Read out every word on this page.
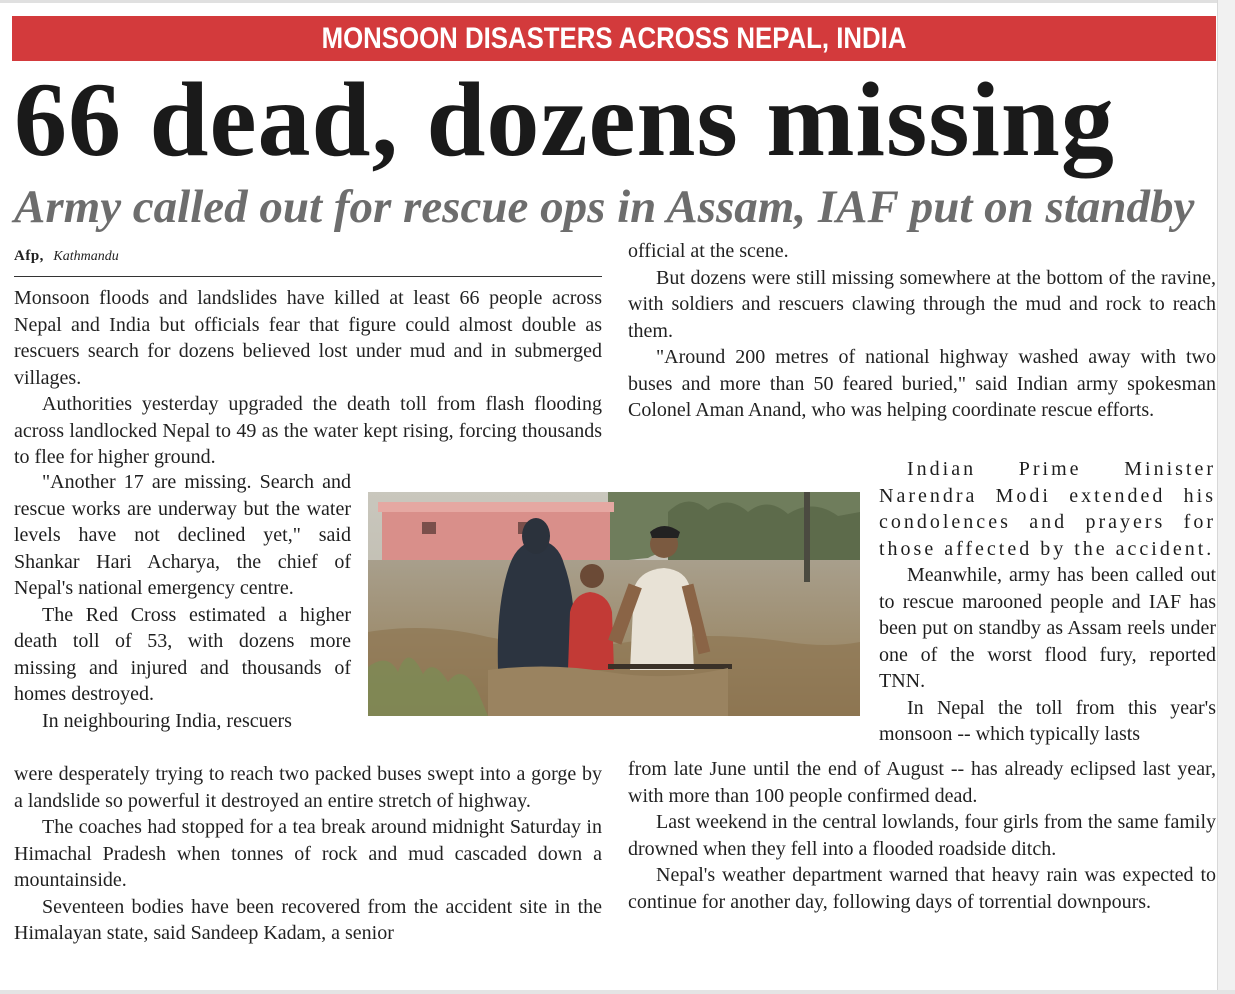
MONSOON DISASTERS ACROSS NEPAL, INDIA
66 dead, dozens missing
Army called out for rescue ops in Assam, IAF put on standby
Afp, Kathmandu

Monsoon floods and landslides have killed at least 66 people across Nepal and India but officials fear that figure could almost double as rescuers search for dozens believed lost under mud and in submerged villages.

Authorities yesterday upgraded the death toll from flash flooding across landlocked Nepal to 49 as the water kept rising, forcing thousands to flee for higher ground.

"Another 17 are missing. Search and rescue works are underway but the water levels have not declined yet," said Shankar Hari Acharya, the chief of Nepal's national emergency centre.

The Red Cross estimated a higher death toll of 53, with dozens more missing and injured and thousands of homes destroyed.

In neighbouring India, rescuers

were desperately trying to reach two packed buses swept into a gorge by a landslide so powerful it destroyed an entire stretch of highway.

The coaches had stopped for a tea break around midnight Saturday in Himachal Pradesh when tonnes of rock and mud cascaded down a mountainside.

Seventeen bodies have been recovered from the accident site in the Himalayan state, said Sandeep Kadam, a senior

official at the scene.

But dozens were still missing somewhere at the bottom of the ravine, with soldiers and rescuers clawing through the mud and rock to reach them.

"Around 200 metres of national highway washed away with two buses and more than 50 feared buried," said Indian army spokesman Colonel Aman Anand, who was helping coordinate rescue efforts.

Indian Prime Minister Narendra Modi extended his condolences and prayers for those affected by the accident.

Meanwhile, army has been called out to rescue marooned people and IAF has been put on standby as Assam reels under one of the worst flood fury, reported TNN.

In Nepal the toll from this year's monsoon -- which typically lasts

from late June until the end of August -- has already eclipsed last year, with more than 100 people confirmed dead.

Last weekend in the central lowlands, four girls from the same family drowned when they fell into a flooded roadside ditch.

Nepal's weather department warned that heavy rain was expected to continue for another day, following days of torrential downpours.
